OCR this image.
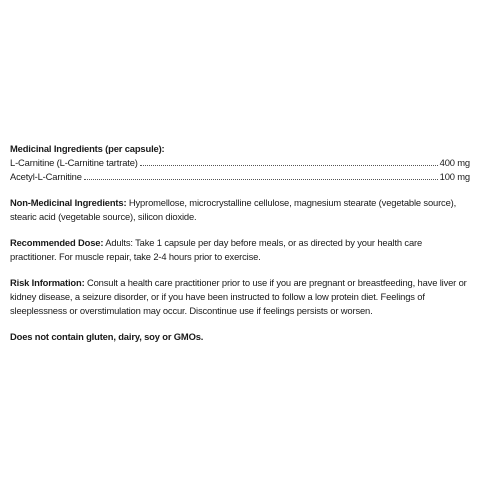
Medicinal Ingredients (per capsule):

L-Carnitine (L-Carnitine tartrate)	400 mg
Acetyl-L-Carnitine	100 mg

Non-Medicinal Ingredients: Hypromellose, microcrystalline cellulose, magnesium stearate (vegetable source), stearic acid (vegetable source), silicon dioxide.

Recommended Dose: Adults: Take 1 capsule per day before meals, or as directed by your health care practitioner. For muscle repair, take 2-4 hours prior to exercise.

Risk Information: Consult a health care practitioner prior to use if you are pregnant or breastfeeding, have liver or kidney disease, a seizure disorder, or if you have been instructed to follow a low protein diet. Feelings of sleeplessness or overstimulation may occur. Discontinue use if feelings persists or worsen.

Does not contain gluten, dairy, soy or GMOs.
